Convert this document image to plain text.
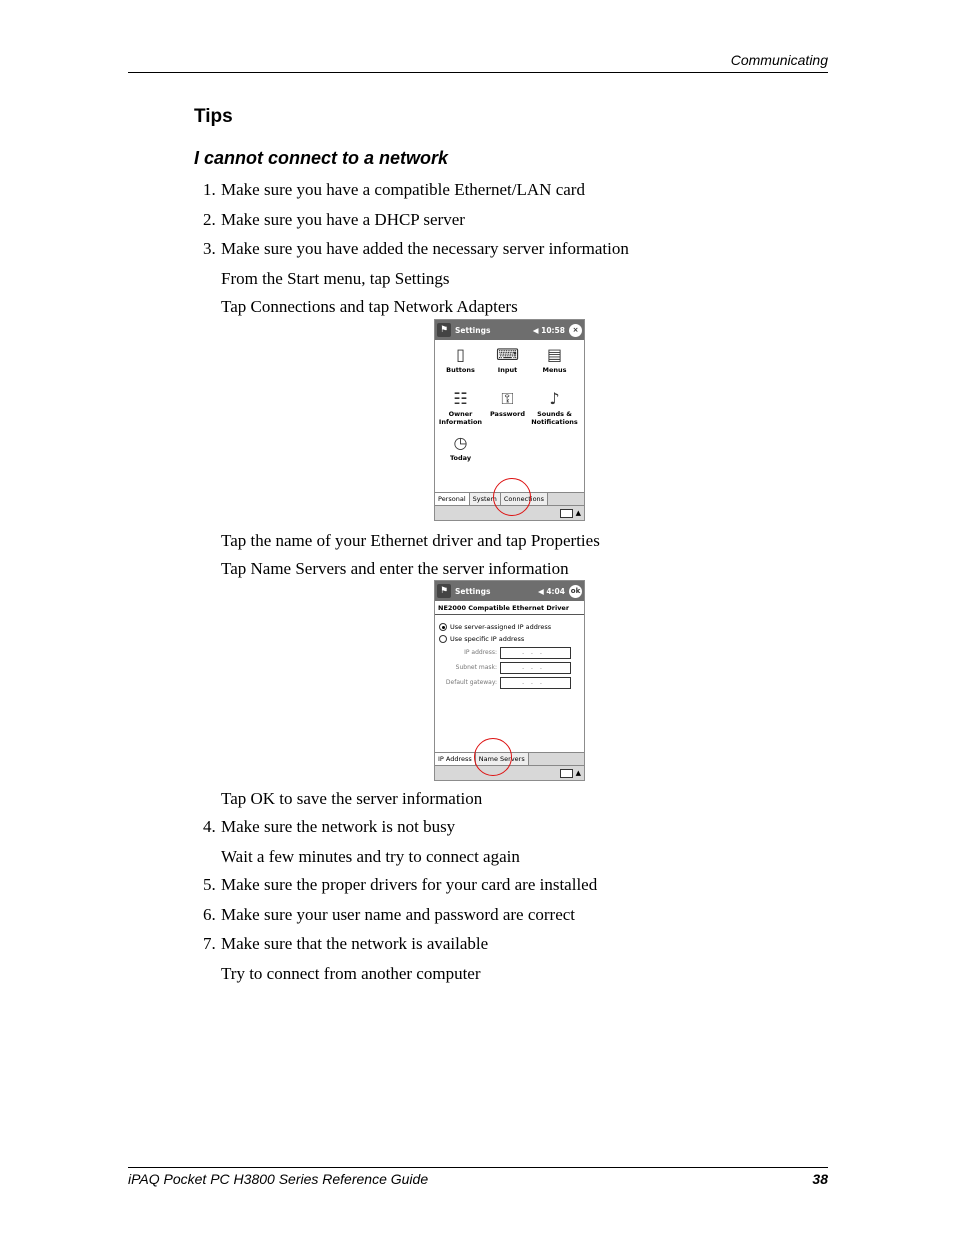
Communicating
Tips
I cannot connect to a network
1. Make sure you have a compatible Ethernet/LAN card
2. Make sure you have a DHCP server
3. Make sure you have added the necessary server information
From the Start menu, tap Settings
Tap Connections and tap Network Adapters
⚑ Settings	◀ 10:58	×
▯
Buttons
⌨
Input
▤
Menus
☷
Owner Information
⚿
Password
♪
Sounds & Notifications
◷
Today
Personal	System	Connections
▲
Tap the name of your Ethernet driver and tap Properties
Tap Name Servers and enter the server information
⚑ Settings	◀ 4:04 ok
NE2000 Compatible Ethernet Driver
Use server-assigned IP address
Use specific IP address
IP address:	...
Subnet mask:	...
Default gateway:	...
IP Address	Name Servers
▲
Tap OK to save the server information
4. Make sure the network is not busy
Wait a few minutes and try to connect again
5. Make sure the proper drivers for your card are installed
6. Make sure your user name and password are correct
7. Make sure that the network is available
Try to connect from another computer
iPAQ Pocket PC H3800 Series Reference Guide	38
